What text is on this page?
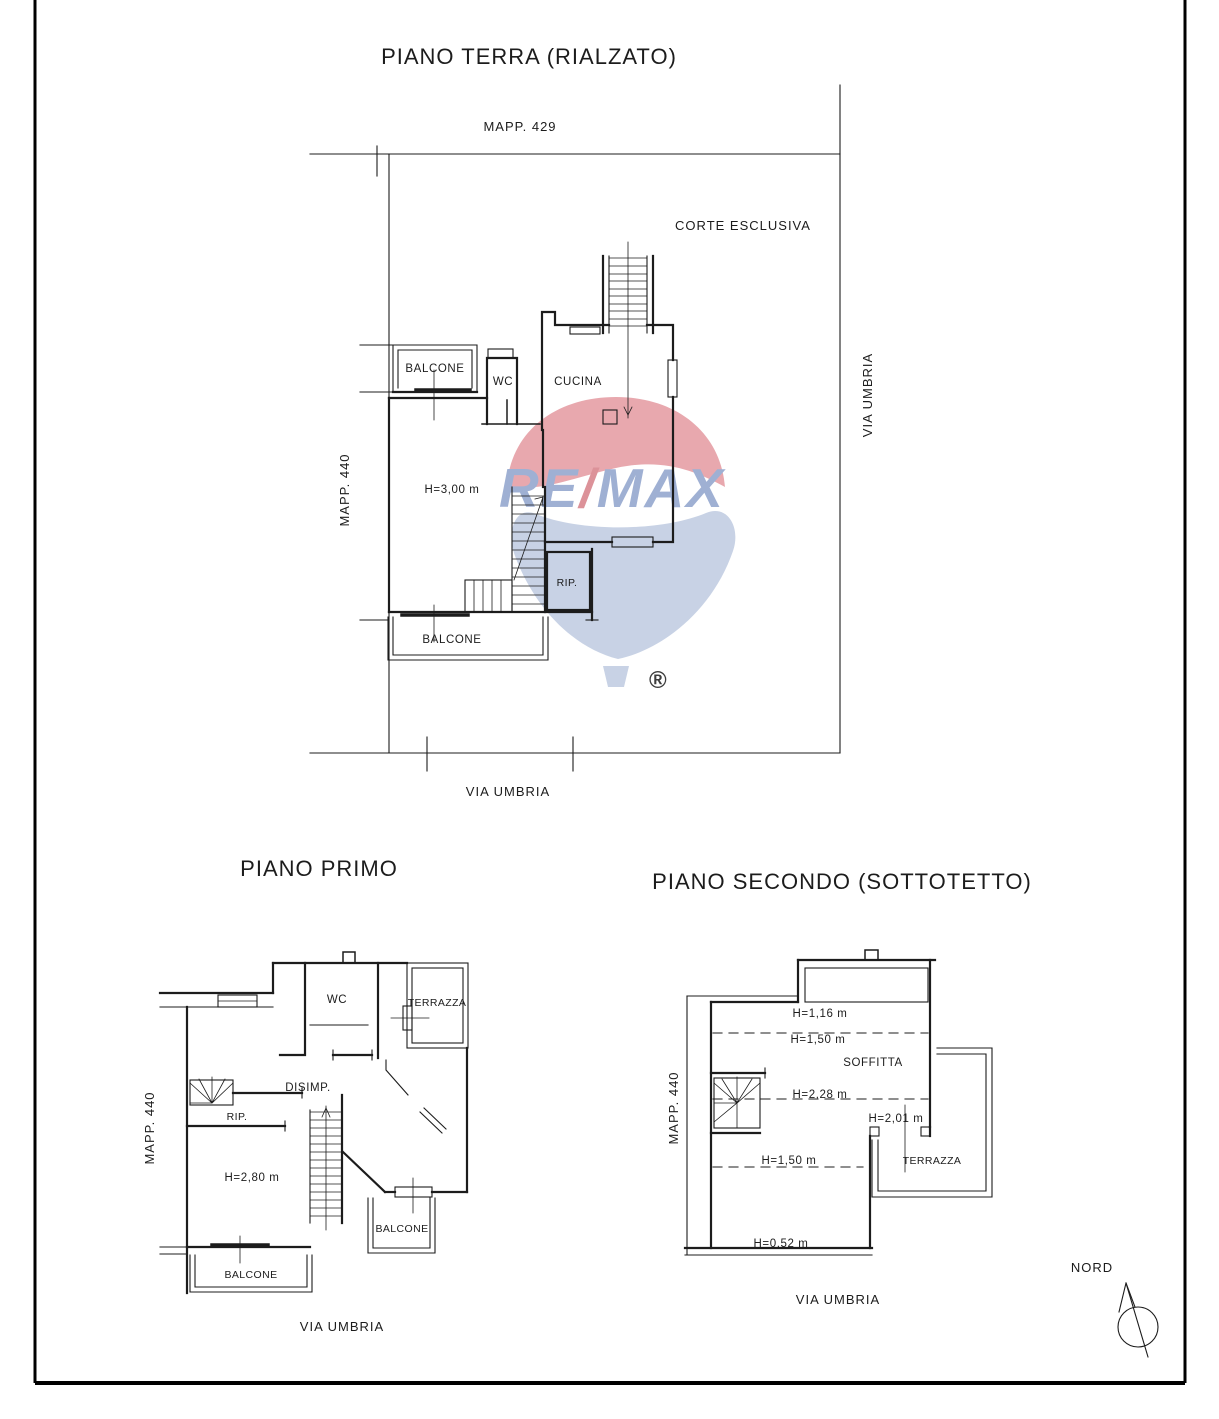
RE/MAX
®
PIANO TERRA (RIALZATO)
MAPP. 429
CORTE ESCLUSIVA
VIA UMBRIA
MAPP. 440
VIA UMBRIA
BALCONE
H=3,00 m
WC	CUCINA
RIP.
BALCONE
PIANO PRIMO
MAPP. 440
VIA UMBRIA
WC	TERRAZZA
DISIMP.
RIP.
H=2,80 m
BALCONE
BALCONE
PIANO SECONDO (SOTTOTETTO)
MAPP. 440
VIA UMBRIA
H=1,16 m
H=1,50 m
SOFFITTA
H=2,28 m
H=2,01 m
H=1,50 m
H=0,52 m
TERRAZZA
NORD
